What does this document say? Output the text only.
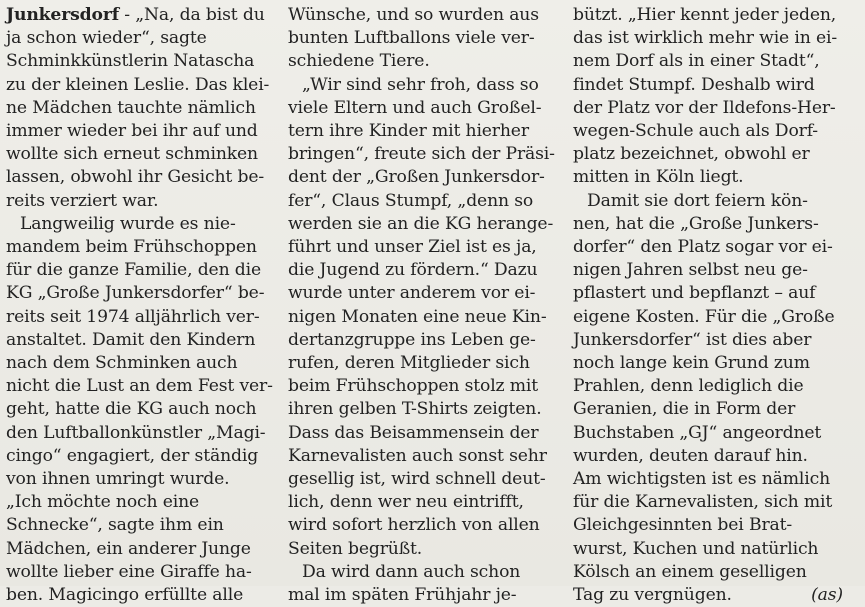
Junkersdorf - „Na, da bist du

ja schon wieder“, sagte

Schminkkünstlerin Natascha

zu der kleinen Leslie. Das klei-

ne Mädchen tauchte nämlich

immer wieder bei ihr auf und

wollte sich erneut schminken

lassen, obwohl ihr Gesicht be-

reits verziert war.

Langweilig wurde es nie-

mandem beim Frühschoppen

für die ganze Familie, den die

KG „Große Junkersdorfer“ be-

reits seit 1974 alljährlich ver-

anstaltet. Damit den Kindern

nach dem Schminken auch

nicht die Lust an dem Fest ver-

geht, hatte die KG auch noch

den Luftballonkünstler „Magi-

cingo“ engagiert, der ständig

von ihnen umringt wurde.

„Ich möchte noch eine

Schnecke“, sagte ihm ein

Mädchen, ein anderer Junge

wollte lieber eine Giraffe ha-

ben. Magicingo erfüllte alle

Wünsche, und so wurden aus

bunten Luftballons viele ver-

schiedene Tiere.

„Wir sind sehr froh, dass so

viele Eltern und auch Großel-

tern ihre Kinder mit hierher

bringen“, freute sich der Präsi-

dent der „Großen Junkersdor-

fer“, Claus Stumpf, „denn so

werden sie an die KG herange-

führt und unser Ziel ist es ja,

die Jugend zu fördern.“ Dazu

wurde unter anderem vor ei-

nigen Monaten eine neue Kin-

dertanzgruppe ins Leben ge-

rufen, deren Mitglieder sich

beim Frühschoppen stolz mit

ihren gelben T-Shirts zeigten.

Dass das Beisammensein der

Karnevalisten auch sonst sehr

gesellig ist, wird schnell deut-

lich, denn wer neu eintrifft,

wird sofort herzlich von allen

Seiten begrüßt.

Da wird dann auch schon

mal im späten Frühjahr je-

bützt. „Hier kennt jeder jeden,

das ist wirklich mehr wie in ei-

nem Dorf als in einer Stadt“,

findet Stumpf. Deshalb wird

der Platz vor der Ildefons-Her-

wegen-Schule auch als Dorf-

platz bezeichnet, obwohl er

mitten in Köln liegt.

Damit sie dort feiern kön-

nen, hat die „Große Junkers-

dorfer“ den Platz sogar vor ei-

nigen Jahren selbst neu ge-

pflastert und bepflanzt – auf

eigene Kosten. Für die „Große

Junkersdorfer“ ist dies aber

noch lange kein Grund zum

Prahlen, denn lediglich die

Geranien, die in Form der

Buchstaben „GJ“ angeordnet

wurden, deuten darauf hin.

Am wichtigsten ist es nämlich

für die Karnevalisten, sich mit

Gleichgesinnten bei Brat-

wurst, Kuchen und natürlich

Kölsch an einem geselligen

Tag zu vergnügen.	(as)
